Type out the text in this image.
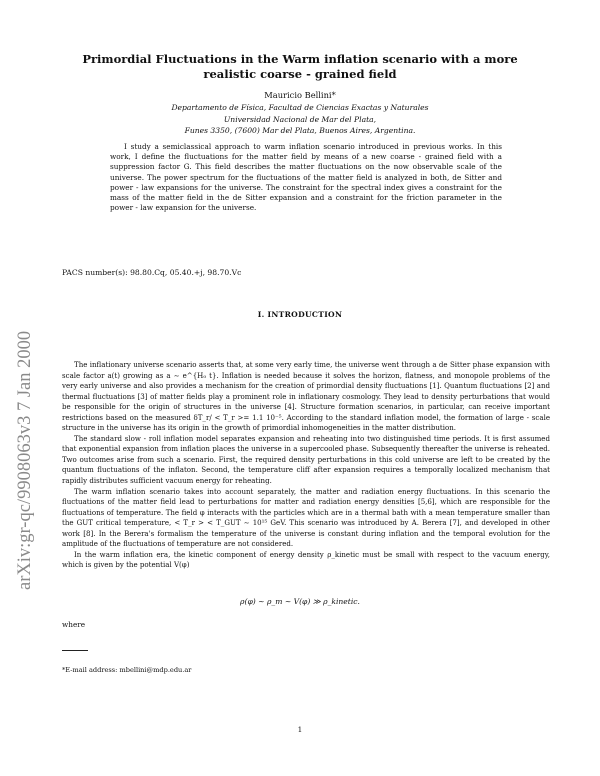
arXiv:gr-qc/9908063v3 7 Jan 2000
Primordial Fluctuations in the Warm inflation scenario with a more realistic coarse - grained field
Mauricio Bellini*
Departamento de Física, Facultad de Ciencias Exactas y Naturales
Universidad Nacional de Mar del Plata,
Funes 3350, (7600) Mar del Plata, Buenos Aires, Argentina.
I study a semiclassical approach to warm inflation scenario introduced in previous works. In this work, I define the fluctuations for the matter field by means of a new coarse - grained field with a suppression factor G. This field describes the matter fluctuations on the now observable scale of the universe. The power spectrum for the fluctuations of the matter field is analyzed in both, de Sitter and power - law expansions for the universe. The constraint for the spectral index gives a constraint for the mass of the matter field in the de Sitter expansion and a constraint for the friction parameter in the power - law expansion for the universe.
PACS number(s): 98.80.Cq, 05.40.+j, 98.70.Vc
I. INTRODUCTION

The inflationary universe scenario asserts that, at some very early time, the universe went through a de Sitter phase expansion with scale factor a(t) growing as a ∼ e^{H₀ t}. Inflation is needed because it solves the horizon, flatness, and monopole problems of the very early universe and also provides a mechanism for the creation of primordial density fluctuations [1]. Quantum fluctuations [2] and thermal fluctuations [3] of matter fields play a prominent role in inflationary cosmology. They lead to density perturbations that would be responsible for the origin of structures in the universe [4]. Structure formation scenarios, in particular, can receive important restrictions based on the measured δT_r/ < T_r >= 1.1 10⁻⁵. According to the standard inflation model, the formation of large - scale structure in the universe has its origin in the growth of primordial inhomogeneities in the matter distribution.

The standard slow - roll inflation model separates expansion and reheating into two distinguished time periods. It is first assumed that exponential expansion from inflation places the universe in a supercooled phase. Subsequently thereafter the universe is reheated. Two outcomes arise from such a scenario. First, the required density perturbations in this cold universe are left to be created by the quantum fluctuations of the inflaton. Second, the temperature cliff after expansion requires a temporally localized mechanism that rapidly distributes sufficient vacuum energy for reheating.

The warm inflation scenario takes into account separately, the matter and radiation energy fluctuations. In this scenario the fluctuations of the matter field lead to perturbations for matter and radiation energy densities [5,6], which are responsible for the fluctuations of temperature. The field φ interacts with the particles which are in a thermal bath with a mean temperature smaller than the GUT critical temperature, < T_r > < T_GUT ∼ 10¹⁵ GeV. This scenario was introduced by A. Berera [7], and developed in other work [8]. In the Berera's formalism the temperature of the universe is constant during inflation and the temporal evolution for the amplitude of the fluctuations of temperature are not considered.

In the warm inflation era, the kinetic component of energy density ρ_kinetic must be small with respect to the vacuum energy, which is given by the potential V(φ)

ρ(φ) ∼ ρ_m ∼ V(φ) ≫ ρ_kinetic.
where
*E-mail address: mbellini@mdp.edu.ar
1
